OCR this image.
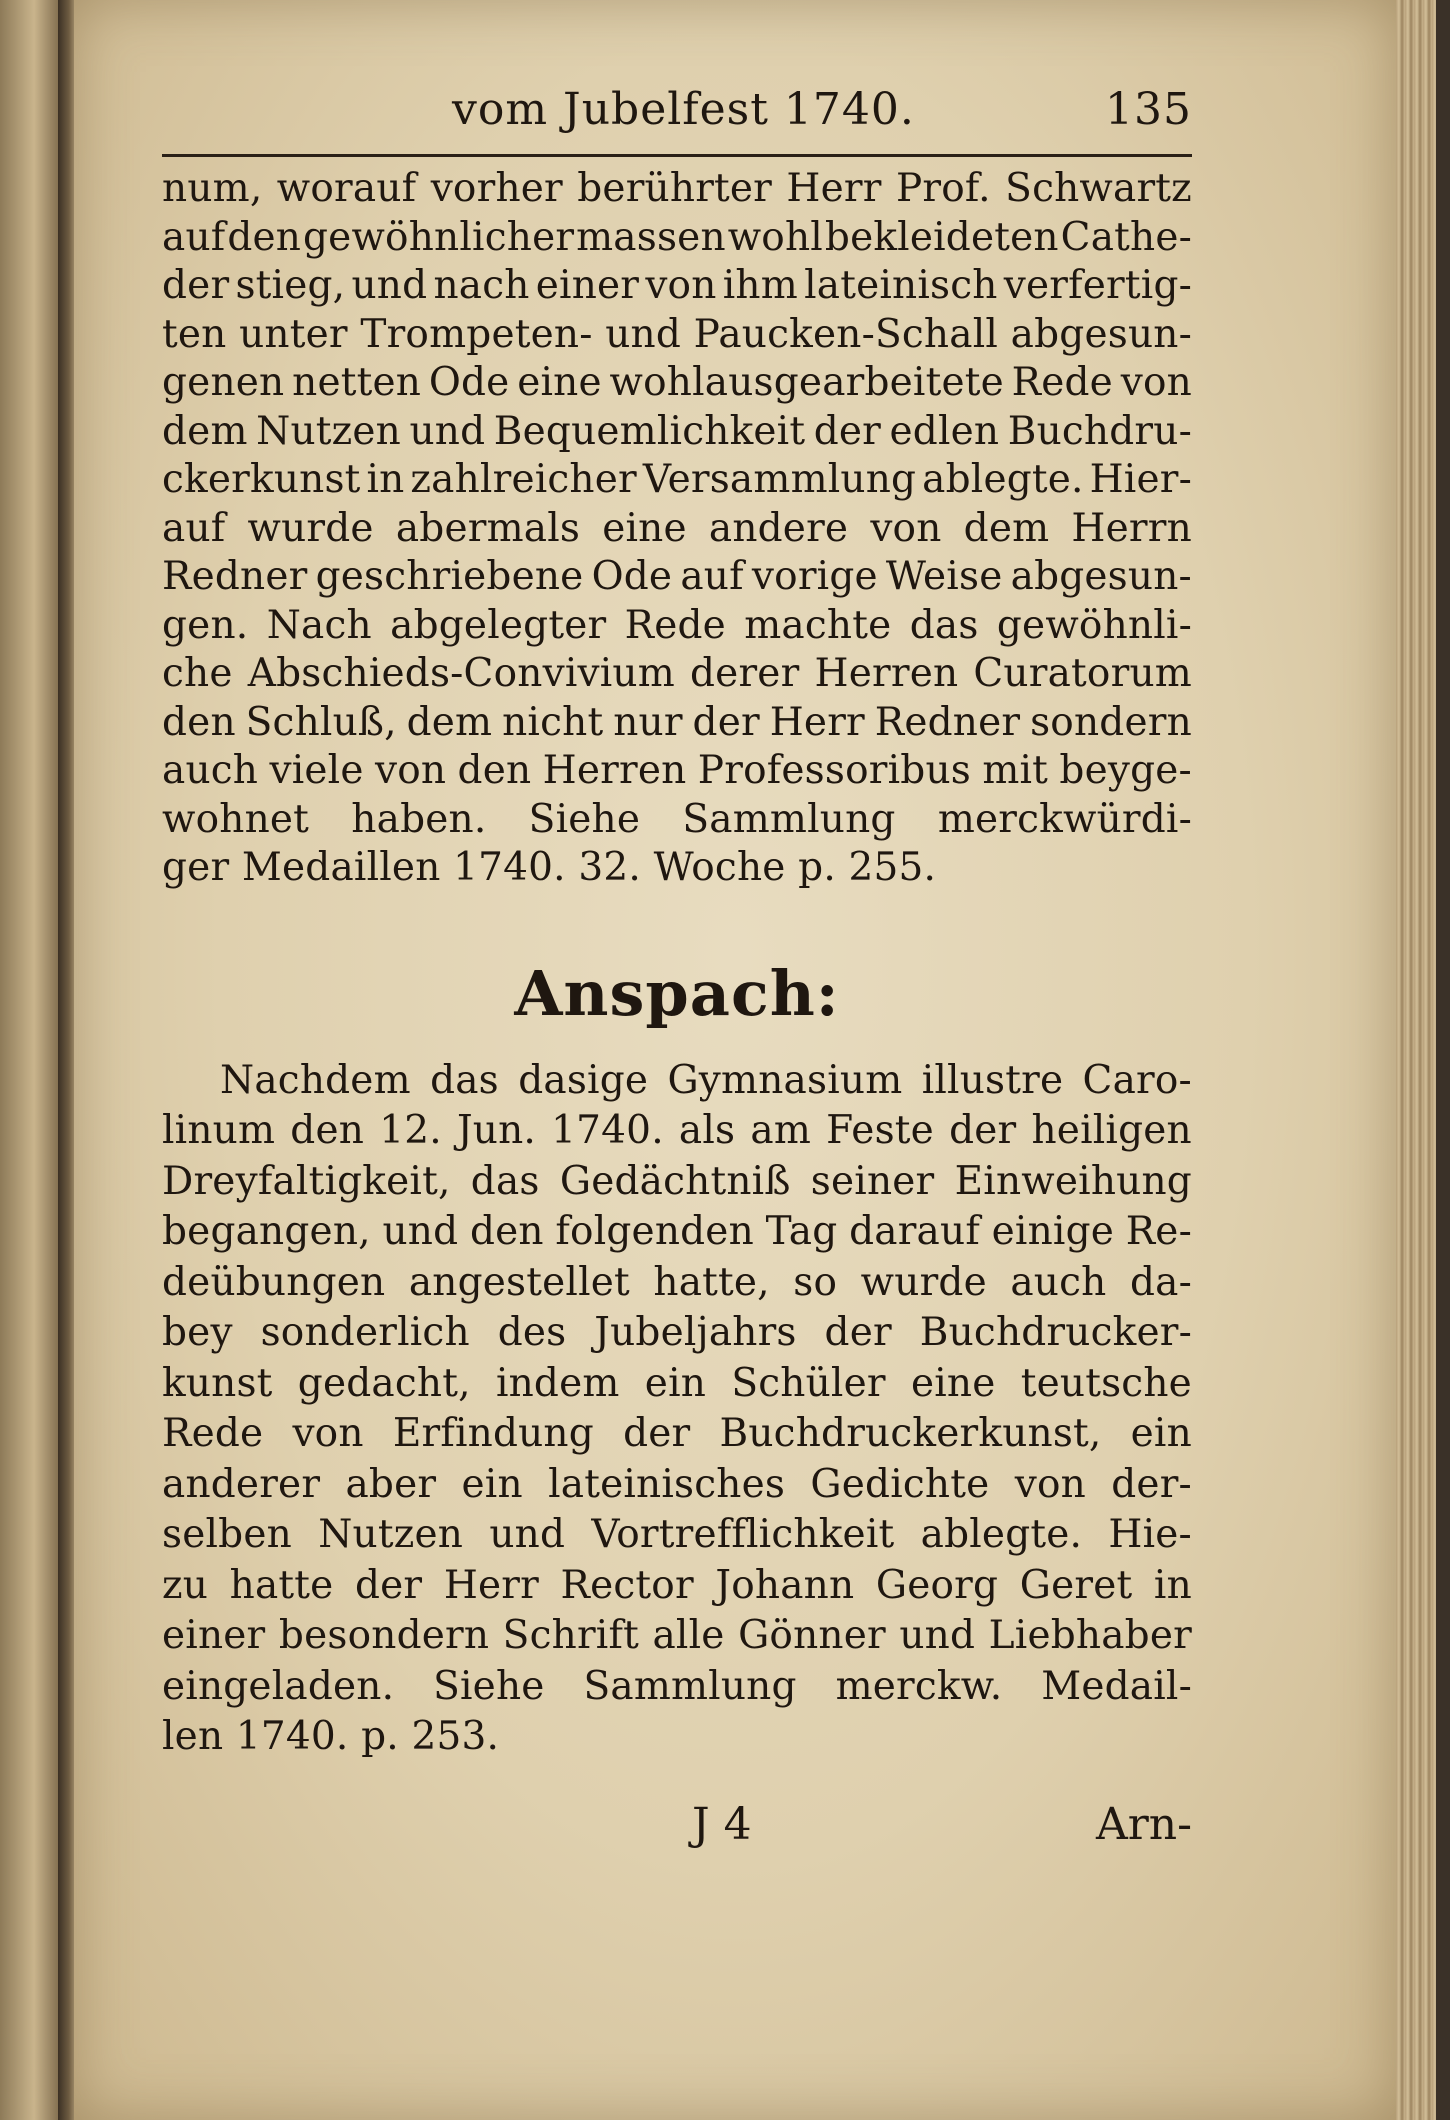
vom Jubelfest 1740.	135
num, worauf vorher berührter Herr Prof. Schwartz
auf den gewöhnlicher massen wohl bekleideten Cathe-
der stieg, und nach einer von ihm lateinisch verfertig-
ten unter Trompeten- und Paucken-Schall abgesun-
genen netten Ode eine wohlausgearbeitete Rede von
dem Nutzen und Bequemlichkeit der edlen Buchdru-
ckerkunst in zahlreicher Versammlung ablegte. Hier-
auf wurde abermals eine andere von dem Herrn
Redner geschriebene Ode auf vorige Weise abgesun-
gen. Nach abgelegter Rede machte das gewöhnli-
che Abschieds-Convivium derer Herren Curatorum
den Schluß, dem nicht nur der Herr Redner sondern
auch viele von den Herren Professoribus mit beyge-
wohnet haben. Siehe Sammlung merckwürdi-
ger Medaillen 1740. 32. Woche p. 255.
Anspach:
Nachdem das dasige Gymnasium illustre Caro-
linum den 12. Jun. 1740. als am Feste der heiligen
Dreyfaltigkeit, das Gedächtniß seiner Einweihung
begangen, und den folgenden Tag darauf einige Re-
deübungen angestellet hatte, so wurde auch da-
bey sonderlich des Jubeljahrs der Buchdrucker-
kunst gedacht, indem ein Schüler eine teutsche
Rede von Erfindung der Buchdruckerkunst, ein
anderer aber ein lateinisches Gedichte von der-
selben Nutzen und Vortrefflichkeit ablegte. Hie-
zu hatte der Herr Rector Johann Georg Geret in
einer besondern Schrift alle Gönner und Liebhaber
eingeladen. Siehe Sammlung merckw. Medail-
len 1740. p. 253.
J 4	Arn-
